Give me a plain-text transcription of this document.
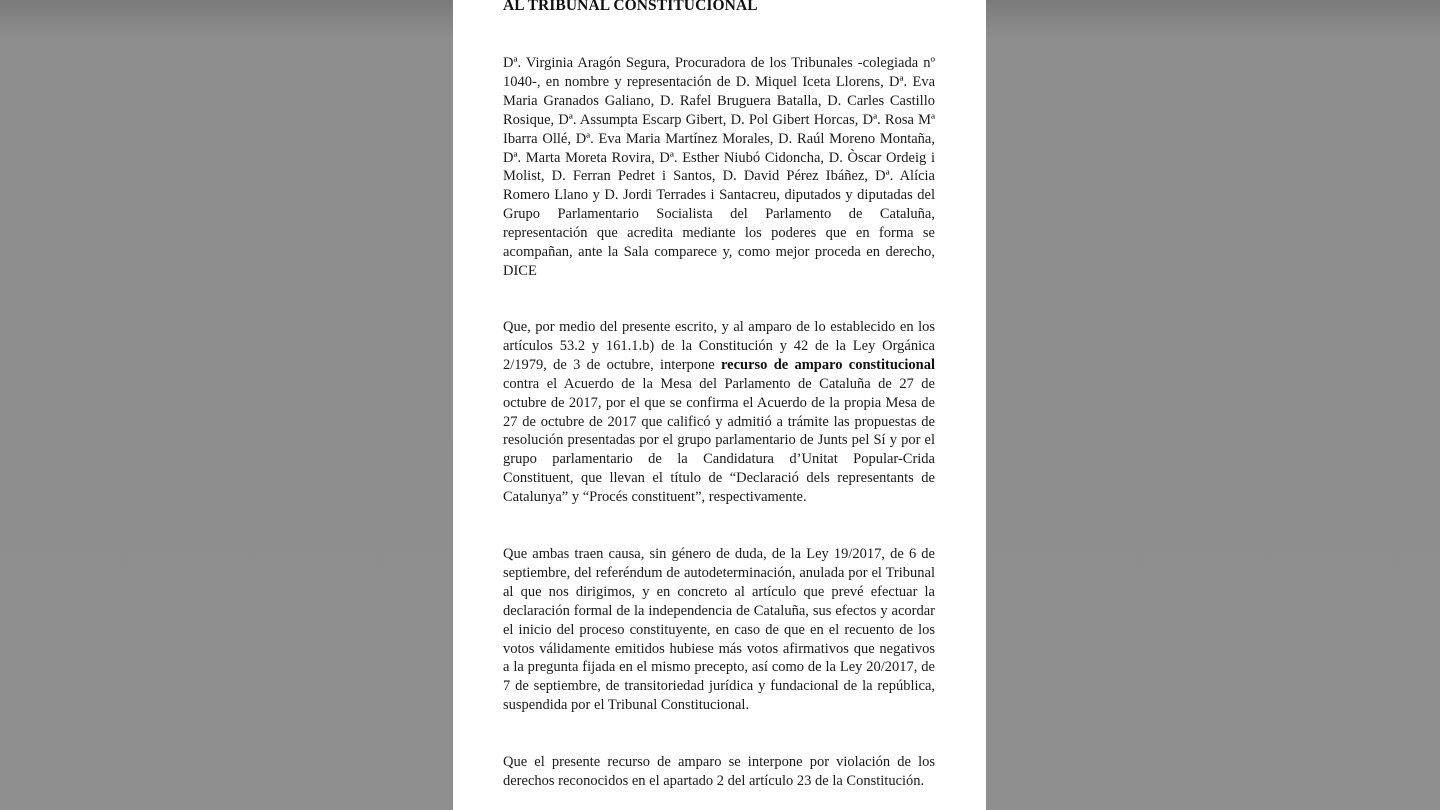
AL TRIBUNAL CONSTITUCIONAL

Dª. Virginia Aragón Segura, Procuradora de los Tribunales -colegiada nº 1040-, en nombre y representación de D. Miquel Iceta Llorens, Dª. Eva Maria Granados Galiano, D. Rafel Bruguera Batalla, D. Carles Castillo Rosique, Dª. Assumpta Escarp Gibert, D. Pol Gibert Horcas, Dª. Rosa Mª Ibarra Ollé, Dª. Eva Maria Martínez Morales, D. Raúl Moreno Montaña, Dª. Marta Moreta Rovira, Dª. Esther Niubó Cidoncha, D. Òscar Ordeig i Molist, D. Ferran Pedret i Santos, D. David Pérez Ibáñez, Dª. Alícia Romero Llano y D. Jordi Terrades i Santacreu, diputados y diputadas del Grupo Parlamentario Socialista del Parlamento de Cataluña, representación que acredita mediante los poderes que en forma se acompañan, ante la Sala comparece y, como mejor proceda en derecho, DICE

Que, por medio del presente escrito, y al amparo de lo establecido en los artículos 53.2 y 161.1.b) de la Constitución y 42 de la Ley Orgánica 2/1979, de 3 de octubre, interpone recurso de amparo constitucional contra el Acuerdo de la Mesa del Parlamento de Cataluña de 27 de octubre de 2017, por el que se confirma el Acuerdo de la propia Mesa de 27 de octubre de 2017 que calificó y admitió a trámite las propuestas de resolución presentadas por el grupo parlamentario de Junts pel Sí y por el grupo parlamentario de la Candidatura d’Unitat Popular-Crida Constituent, que llevan el título de “Declaració dels representants de Catalunya” y “Procés constituent”, respectivamente.

Que ambas traen causa, sin género de duda, de la Ley 19/2017, de 6 de septiembre, del referéndum de autodeterminación, anulada por el Tribunal al que nos dirigimos, y en concreto al artículo que prevé efectuar la declaración formal de la independencia de Cataluña, sus efectos y acordar el inicio del proceso constituyente, en caso de que en el recuento de los votos válidamente emitidos hubiese más votos afirmativos que negativos a la pregunta fijada en el mismo precepto, así como de la Ley 20/2017, de 7 de septiembre, de transitoriedad jurídica y fundacional de la república, suspendida por el Tribunal Constitucional.

Que el presente recurso de amparo se interpone por violación de los derechos reconocidos en el apartado 2 del artículo 23 de la Constitución.
